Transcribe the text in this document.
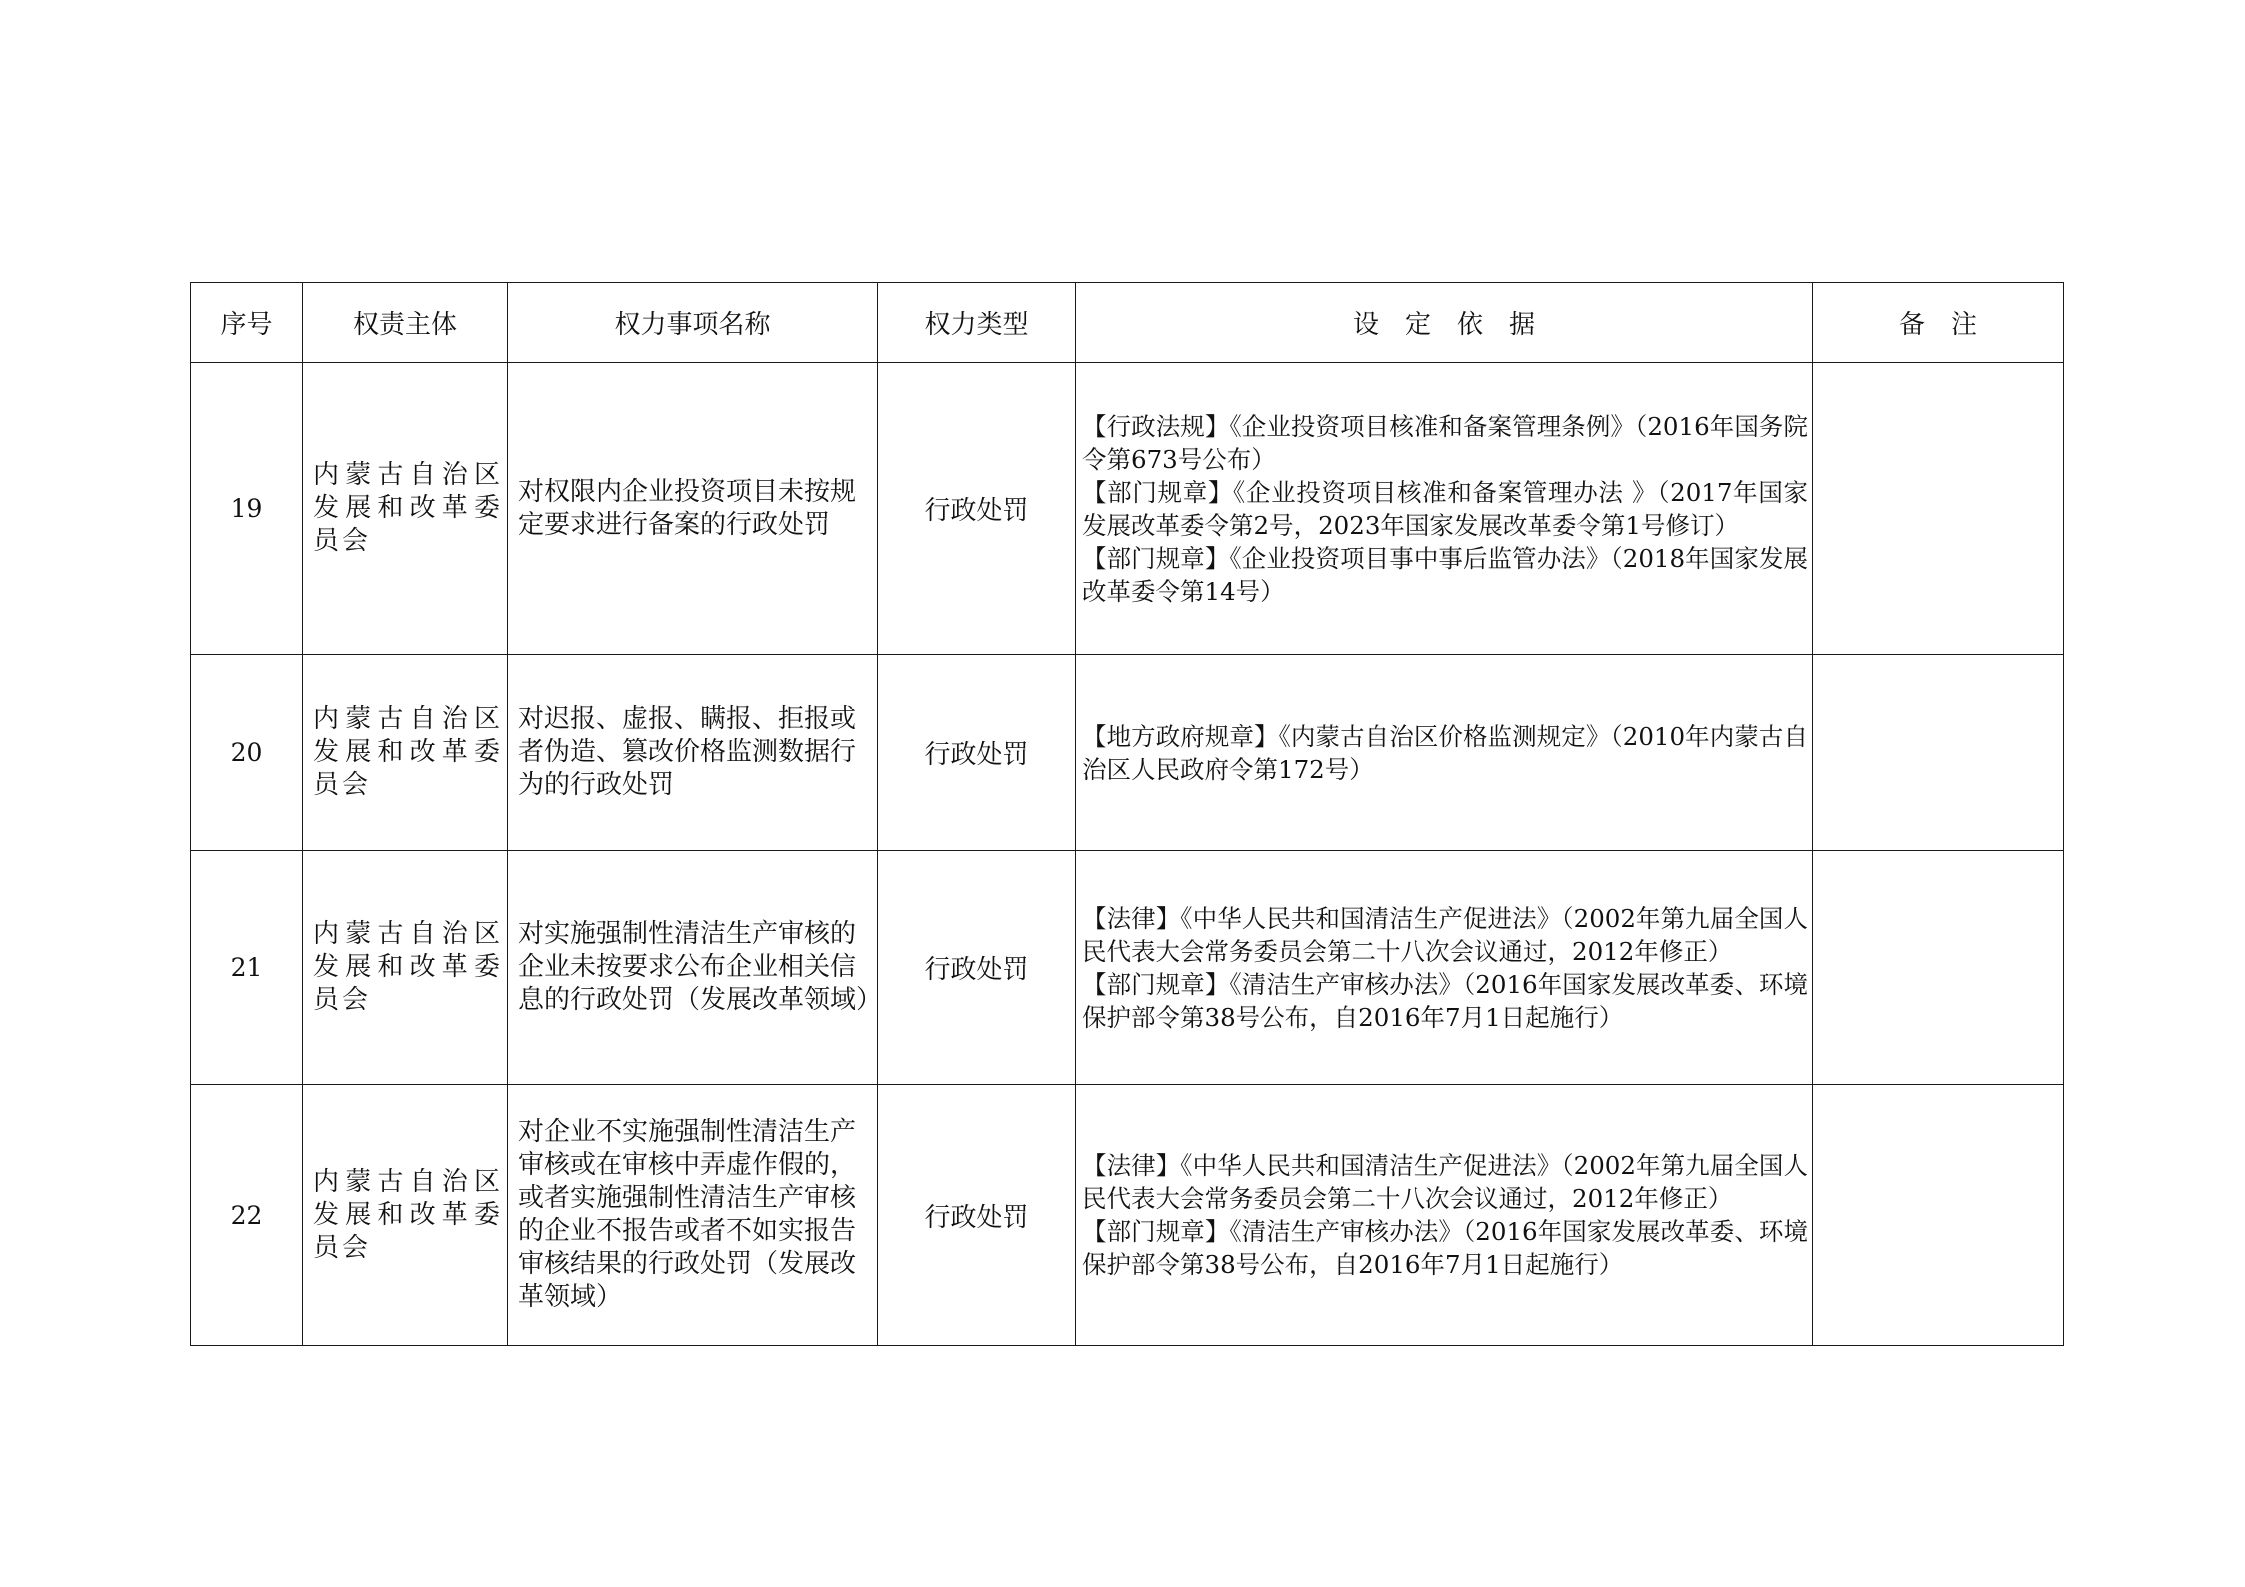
序号	权责主体	权力事项名称	权力类型	设　定　依　据	备　注
19	内蒙古自治区发展和改革委员会	对权限内企业投资项目未按规定要求进行备案的行政处罚	行政处罚	【行政法规】《企业投资项目核准和备案管理条例》（2016年国务院令第673号公布）
【部门规章】《企业投资项目核准和备案管理办法 》（2017年国家发展改革委令第2号，2023年国家发展改革委令第1号修订）
【部门规章】《企业投资项目事中事后监管办法》（2018年国家发展改革委令第14号）	

20	内蒙古自治区发展和改革委员会	对迟报、虚报、瞒报、拒报或者伪造、篡改价格监测数据行为的行政处罚	行政处罚	【地方政府规章】《内蒙古自治区价格监测规定》（2010年内蒙古自治区人民政府令第172号）	

21	内蒙古自治区发展和改革委员会	对实施强制性清洁生产审核的企业未按要求公布企业相关信息的行政处罚（发展改革领域）	行政处罚	【法律】《中华人民共和国清洁生产促进法》（2002年第九届全国人民代表大会常务委员会第二十八次会议通过，2012年修正）
【部门规章】《清洁生产审核办法》（2016年国家发展改革委、环境保护部令第38号公布，自2016年7月1日起施行）	

22	内蒙古自治区发展和改革委员会	对企业不实施强制性清洁生产审核或在审核中弄虚作假的，或者实施强制性清洁生产审核的企业不报告或者不如实报告审核结果的行政处罚（发展改革领域）	行政处罚	【法律】《中华人民共和国清洁生产促进法》（2002年第九届全国人民代表大会常务委员会第二十八次会议通过，2012年修正）
【部门规章】《清洁生产审核办法》（2016年国家发展改革委、环境保护部令第38号公布，自2016年7月1日起施行）	
